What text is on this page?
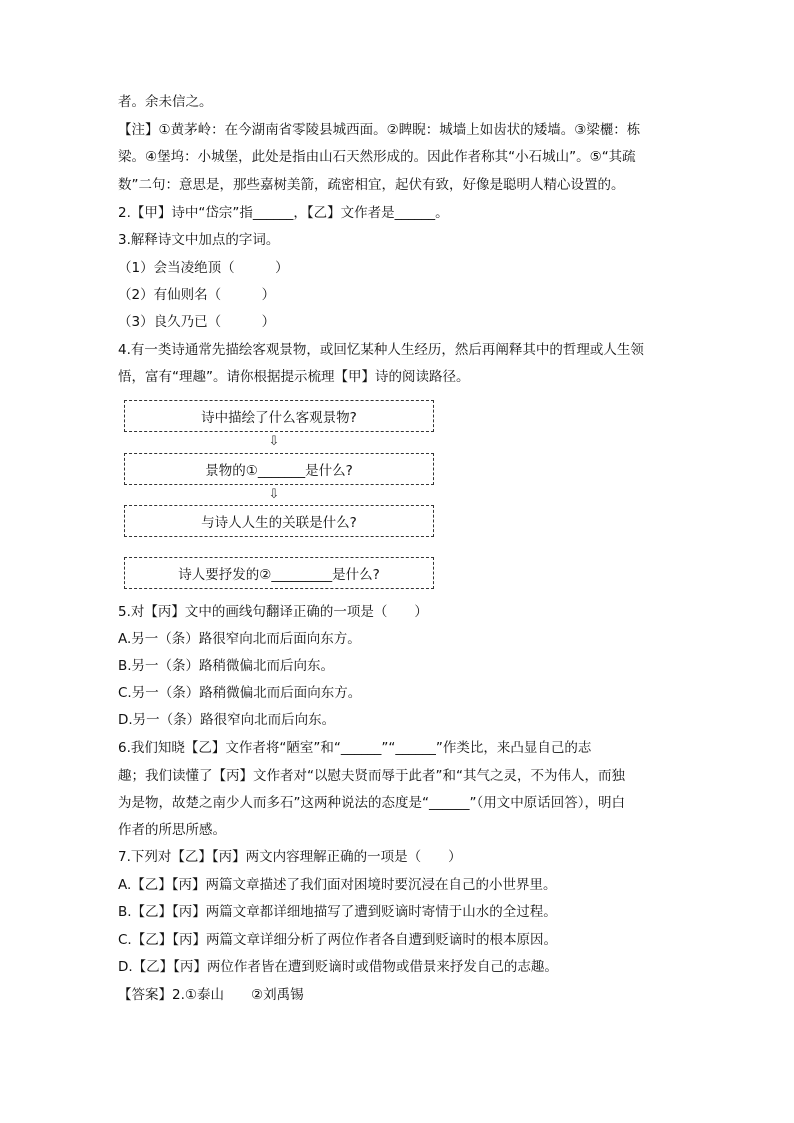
者。余未信之。
【注】①黄茅岭：在今湖南省零陵县城西面。②睥睨：城墙上如齿状的矮墙。③梁欐：栋
梁。④堡坞：小城堡，此处是指由山石天然形成的。因此作者称其“小石城山”。⑤“其疏
数”二句：意思是，那些嘉树美箭，疏密相宜，起伏有致，好像是聪明人精心设置的。
2.【甲】诗中“岱宗”指______，【乙】文作者是______。
3.解释诗文中加点的字词。
（1）会当凌绝顶（　　　）
（2）有仙则名（　　　）
（3）良久乃已（　　　）
4.有一类诗通常先描绘客观景物，或回忆某种人生经历，然后再阐释其中的哲理或人生领
悟，富有“理趣”。请你根据提示梳理【甲】诗的阅读路径。
诗中描绘了什么客观景物?
⇩
景物的①_______是什么?
⇩
与诗人人生的关联是什么?
诗人要抒发的②_________是什么?
5.对【丙】文中的画线句翻译正确的一项是（　　）
A.另一（条）路很窄向北而后面向东方。
B.另一（条）路稍微偏北而后向东。
C.另一（条）路稍微偏北而后面向东方。
D.另一（条）路很窄向北而后向东。
6.我们知晓【乙】文作者将“陋室”和“______”“______”作类比，来凸显自己的志
趣；我们读懂了【丙】文作者对“以慰夫贤而辱于此者”和“其气之灵，不为伟人，而独
为是物，故楚之南少人而多石”这两种说法的态度是“______”（用文中原话回答），明白
作者的所思所感。
7.下列对【乙】【丙】两文内容理解正确的一项是（　　）
A.【乙】【丙】两篇文章描述了我们面对困境时要沉浸在自己的小世界里。
B.【乙】【丙】两篇文章都详细地描写了遭到贬谪时寄情于山水的全过程。
C.【乙】【丙】两篇文章详细分析了两位作者各自遭到贬谪时的根本原因。
D.【乙】【丙】两位作者皆在遭到贬谪时或借物或借景来抒发自己的志趣。
【答案】2.①泰山　　②刘禹锡
